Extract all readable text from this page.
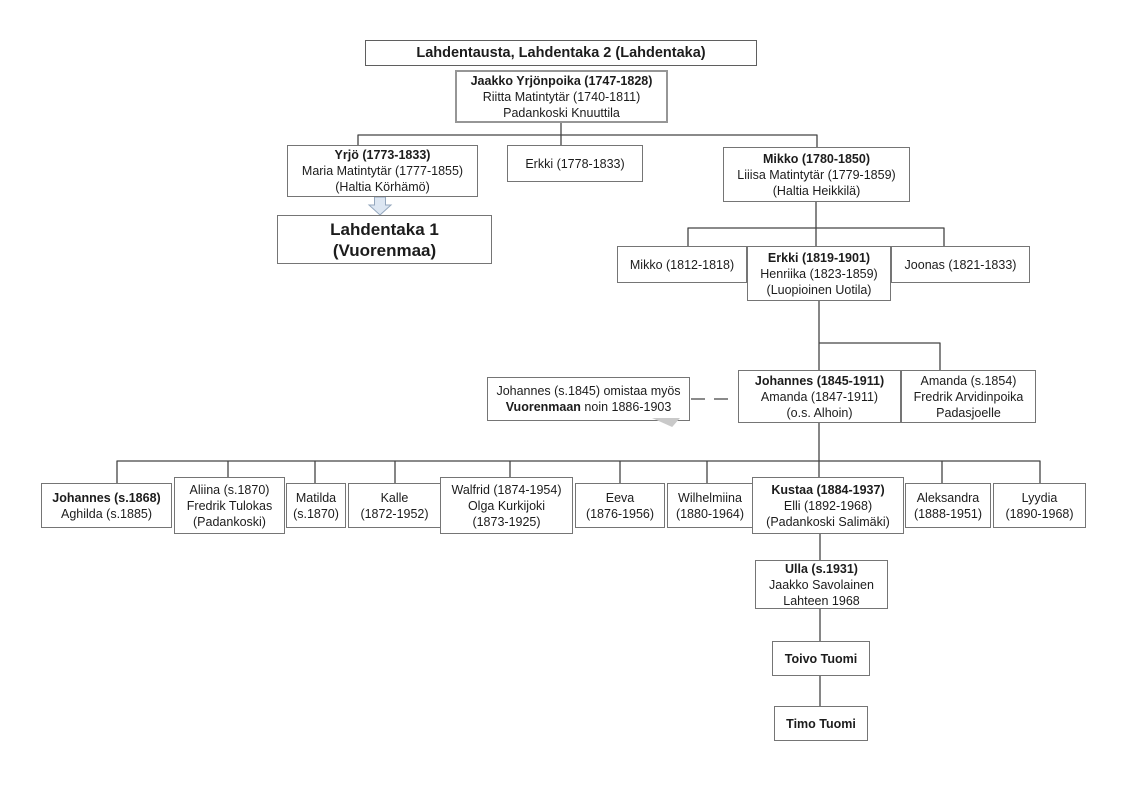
Lahdentausta, Lahdentaka 2 (Lahdentaka)
Jaakko Yrjönpoika (1747-1828)
Riitta Matintytär (1740-1811)
Padankoski Knuuttila
Yrjö (1773-1833)
Maria Matintytär (1777-1855)
(Haltia Körhämö)
Erkki (1778-1833)	Mikko (1780-1850)
Liiisa Matintytär (1779-1859)
(Haltia Heikkilä)
Lahdentaka 1
(Vuorenmaa)
Mikko (1812-1818)	Erkki (1819-1901)
Henriika (1823-1859)
(Luopioinen Uotila)
Joonas (1821-1833)
Johannes (s.1845) omistaa myös
Vuorenmaan noin 1886-1903
Johannes (1845-1911)
Amanda (1847-1911)
(o.s. Alhoin)
Amanda (s.1854)
Fredrik Arvidinpoika
Padasjoelle
Johannes (s.1868)
Aghilda (s.1885)
Aliina (s.1870)
Fredrik Tulokas
(Padankoski)
Matilda
(s.1870)
Kalle
(1872-1952)
Walfrid (1874-1954)
Olga Kurkijoki
(1873-1925)
Eeva
(1876-1956)
Wilhelmiina
(1880-1964)
Kustaa (1884-1937)
Elli (1892-1968)
(Padankoski Salimäki)
Aleksandra
(1888-1951)
Lyydia
(1890-1968)
Ulla (s.1931)
Jaakko Savolainen
Lahteen 1968
Toivo Tuomi
Timo Tuomi
